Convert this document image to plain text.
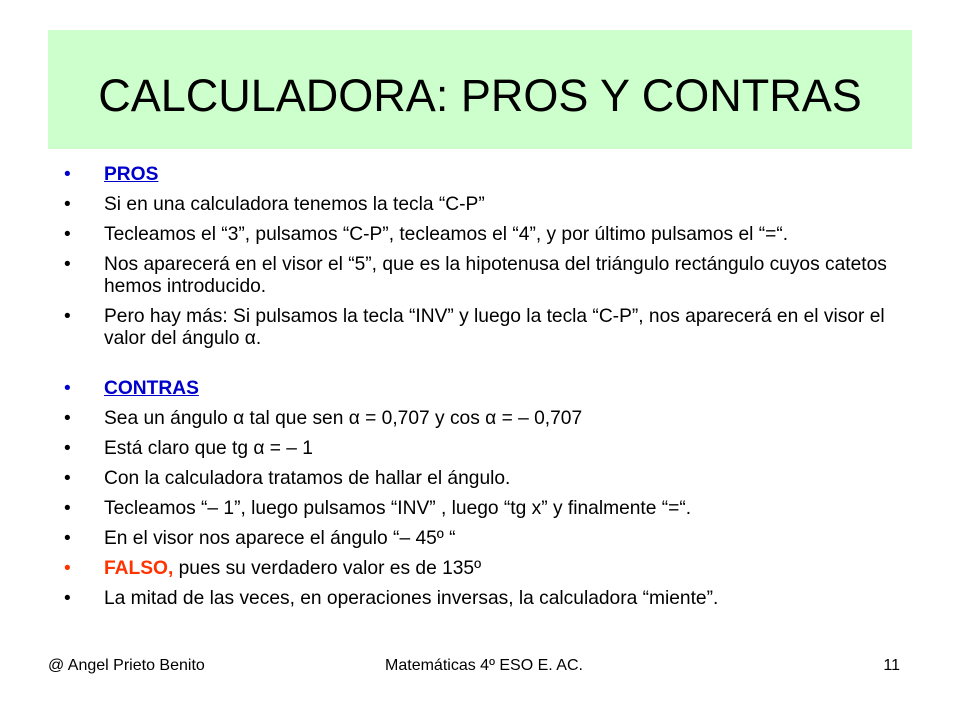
CALCULADORA: PROS Y CONTRAS
•	PROS
•	Si en una calculadora tenemos la tecla “C-P”
•	Tecleamos el “3”, pulsamos “C-P”, tecleamos el “4”, y por último pulsamos el “=“.
•	Nos aparecerá en el visor el “5”, que es la hipotenusa del triángulo rectángulo cuyos catetos hemos introducido.
•	Pero hay más: Si pulsamos la tecla “INV” y luego la tecla “C-P”, nos aparecerá en el visor el valor del ángulo α.
•	CONTRAS
•	Sea un ángulo α tal que sen α = 0,707 y cos α = – 0,707
•	Está claro que tg α = – 1
•	Con la calculadora tratamos de hallar el ángulo.
•	Tecleamos “– 1”, luego pulsamos “INV” , luego “tg x” y finalmente “=“.
•	En el visor nos aparece el ángulo “– 45º “
•	FALSO, pues su verdadero valor es de 135º
•	La mitad de las veces, en operaciones inversas, la calculadora “miente”.
@ Angel Prieto Benito	Matemáticas 4º ESO E. AC.	11
